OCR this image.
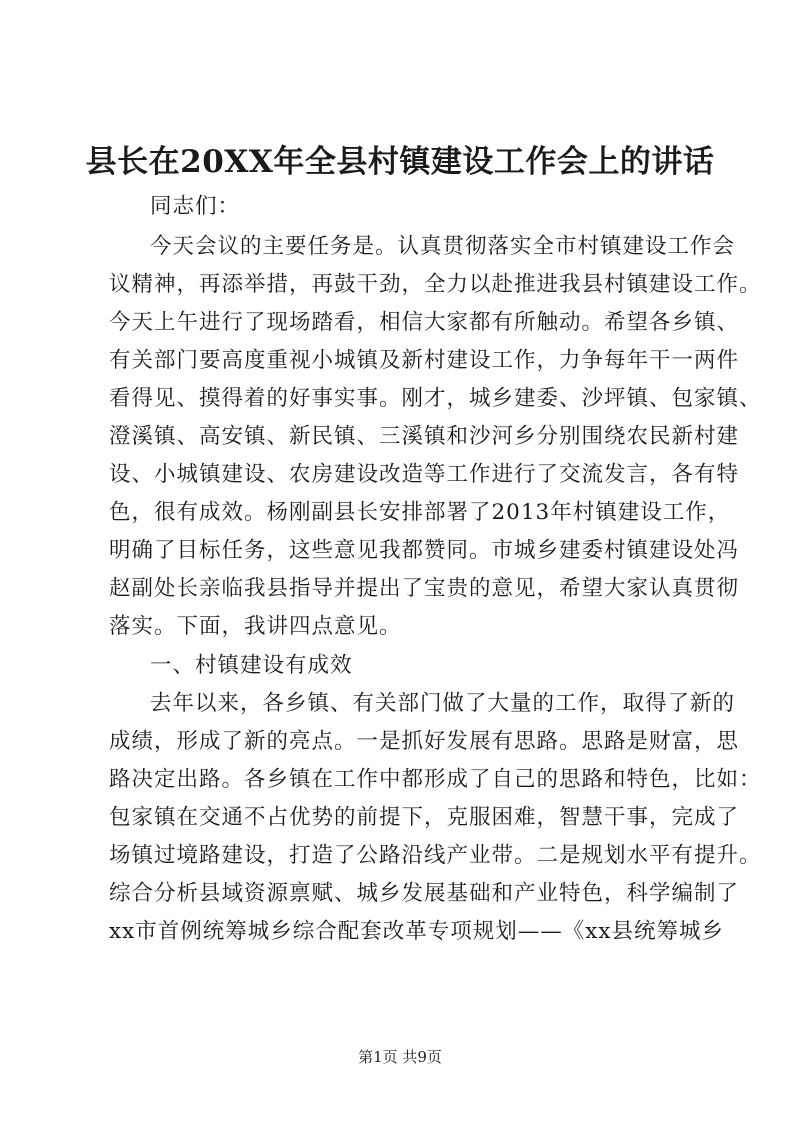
县长在20XX年全县村镇建设工作会上的讲话
同志们：
今天会议的主要任务是。认真贯彻落实全市村镇建设工作会
议精神，再添举措，再鼓干劲，全力以赴推进我县村镇建设工作。
今天上午进行了现场踏看，相信大家都有所触动。希望各乡镇、
有关部门要高度重视小城镇及新村建设工作，力争每年干一两件
看得见、摸得着的好事实事。刚才，城乡建委、沙坪镇、包家镇、
澄溪镇、高安镇、新民镇、三溪镇和沙河乡分别围绕农民新村建
设、小城镇建设、农房建设改造等工作进行了交流发言，各有特
色，很有成效。杨刚副县长安排部署了2013年村镇建设工作，
明确了目标任务，这些意见我都赞同。市城乡建委村镇建设处冯
赵副处长亲临我县指导并提出了宝贵的意见，希望大家认真贯彻
落实。下面，我讲四点意见。
一、村镇建设有成效
去年以来，各乡镇、有关部门做了大量的工作，取得了新的
成绩，形成了新的亮点。一是抓好发展有思路。思路是财富，思
路决定出路。各乡镇在工作中都形成了自己的思路和特色，比如：
包家镇在交通不占优势的前提下，克服困难，智慧干事，完成了
场镇过境路建设，打造了公路沿线产业带。二是规划水平有提升。
综合分析县域资源禀赋、城乡发展基础和产业特色，科学编制了
xx市首例统筹城乡综合配套改革专项规划——《xx县统筹城乡
第1页 共9页
